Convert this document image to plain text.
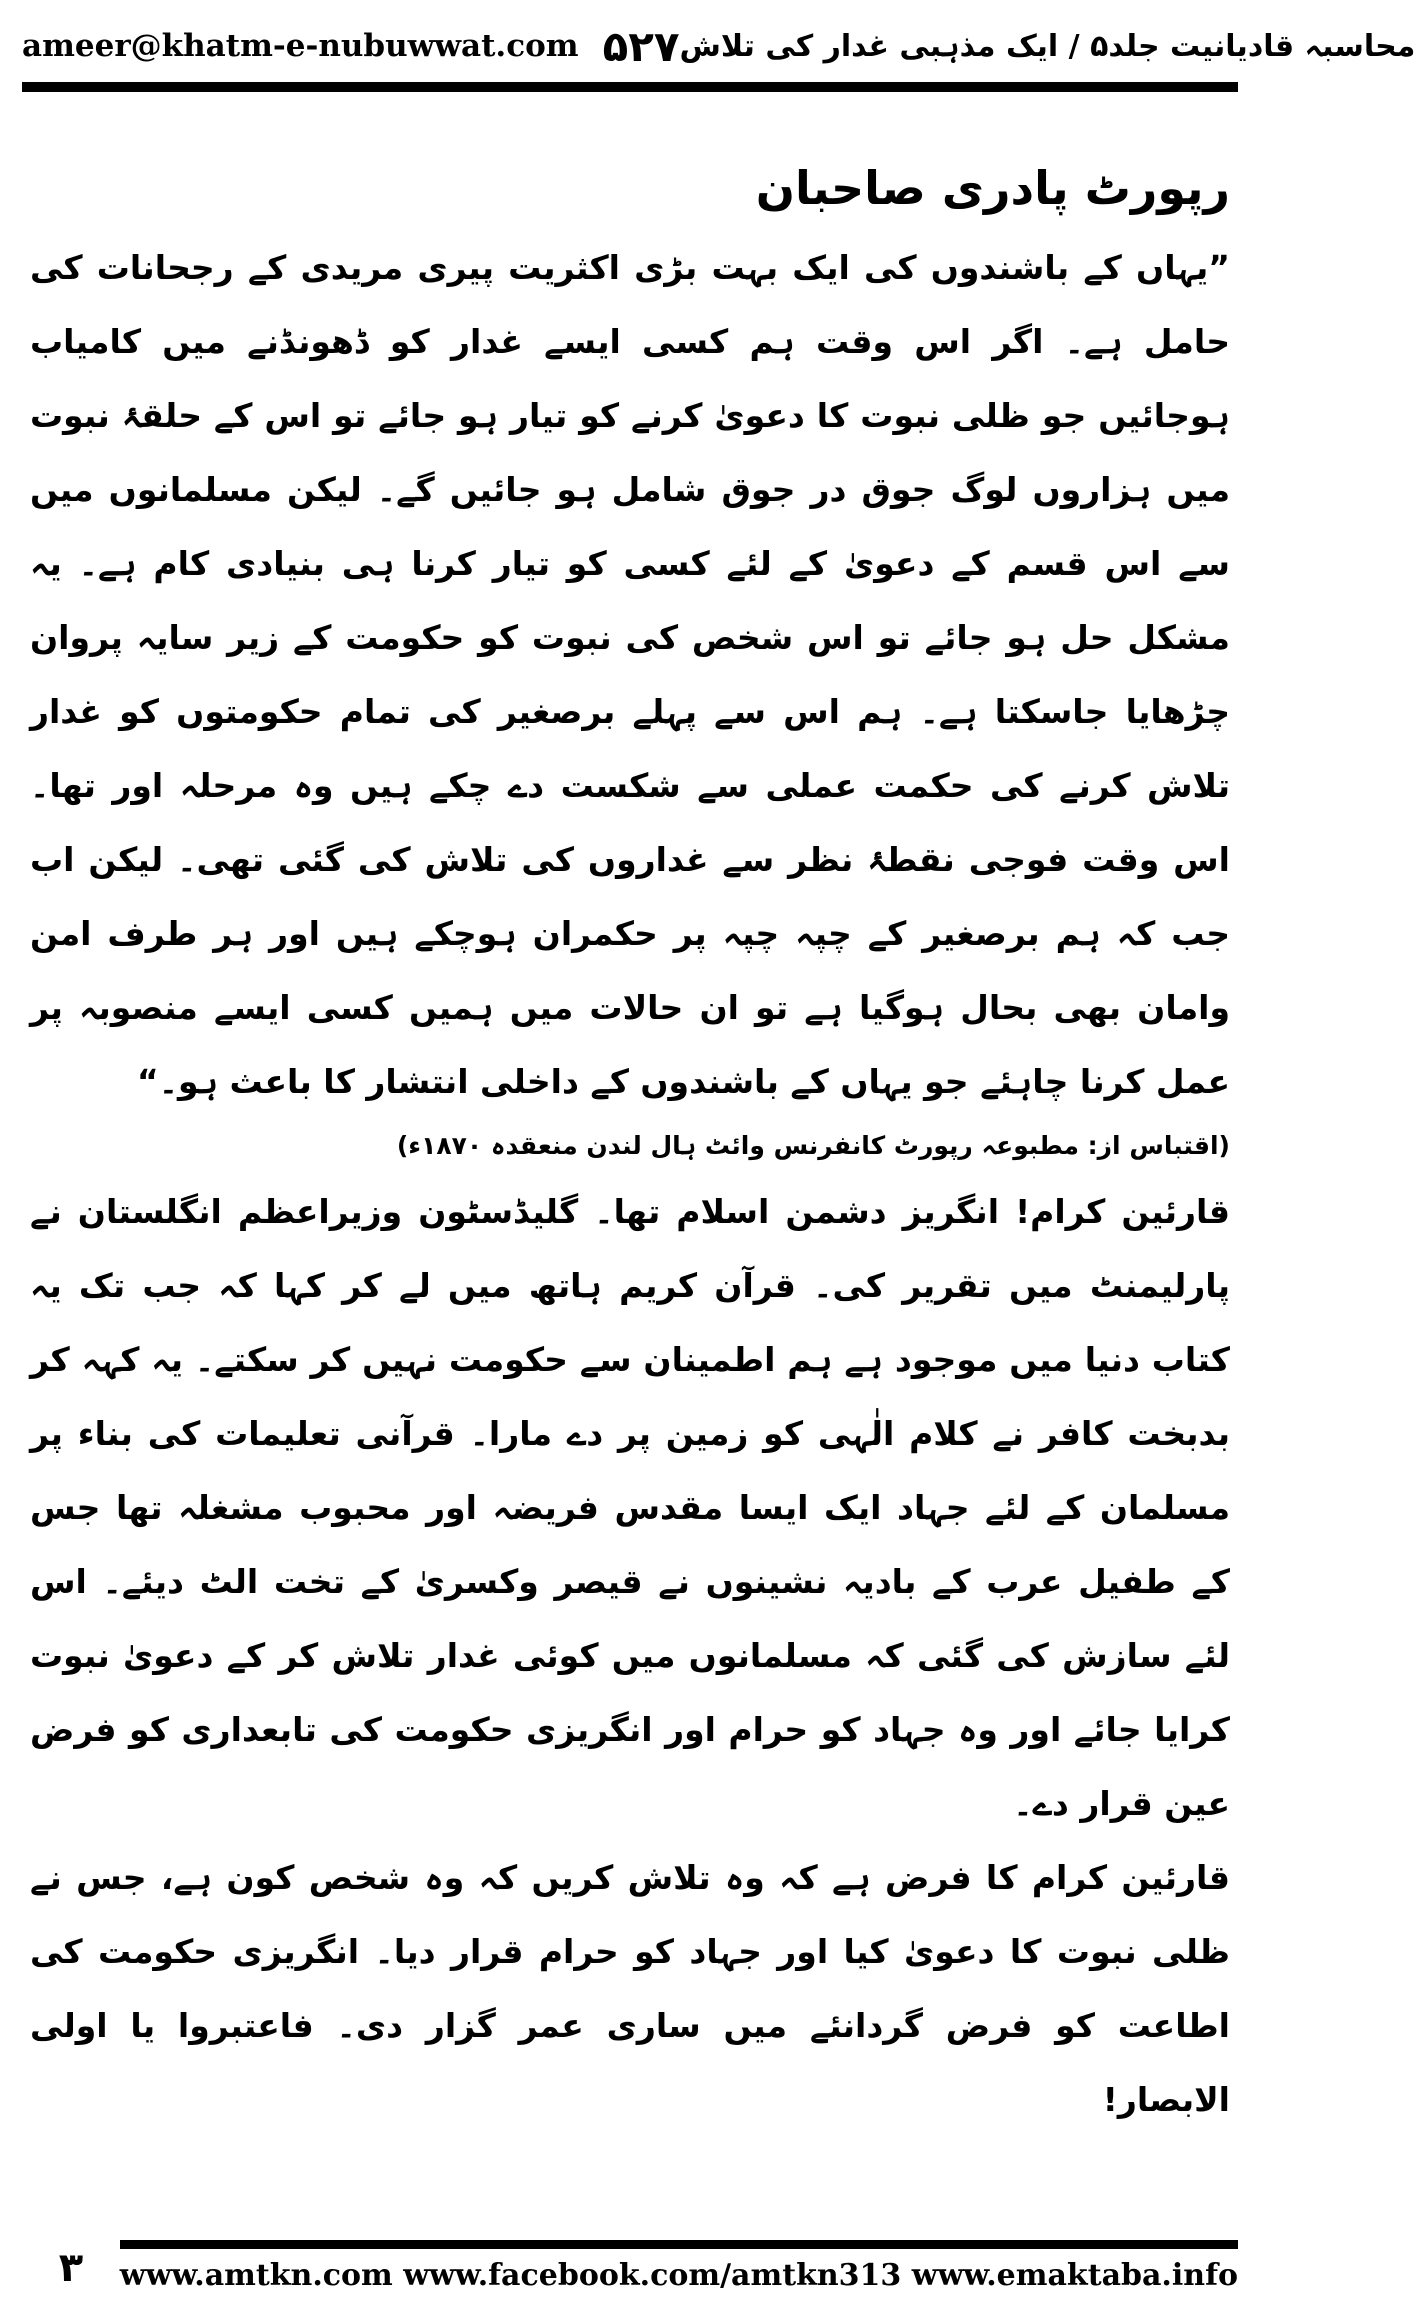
ameer@khatm-e-nubuwwat.com ۵۲۷ محاسبہ قادیانیت جلد۵ / ایک مذہبی غدار کی تلاش
رپورٹ پادری صاحبان

”یہاں کے باشندوں کی ایک بہت بڑی اکثریت پیری مریدی کے رجحانات کی حامل ہے۔ اگر اس وقت ہم کسی ایسے غدار کو ڈھونڈنے میں کامیاب ہوجائیں جو ظلی نبوت کا دعویٰ کرنے کو تیار ہو جائے تو اس کے حلقۂ نبوت میں ہزاروں لوگ جوق در جوق شامل ہو جائیں گے۔ لیکن مسلمانوں میں سے اس قسم کے دعویٰ کے لئے کسی کو تیار کرنا ہی بنیادی کام ہے۔ یہ مشکل حل ہو جائے تو اس شخص کی نبوت کو حکومت کے زیر سایہ پروان چڑھایا جاسکتا ہے۔ ہم اس سے پہلے برصغیر کی تمام حکومتوں کو غدار تلاش کرنے کی حکمت عملی سے شکست دے چکے ہیں وہ مرحلہ اور تھا۔ اس وقت فوجی نقطۂ نظر سے غداروں کی تلاش کی گئی تھی۔ لیکن اب جب کہ ہم برصغیر کے چپہ چپہ پر حکمران ہوچکے ہیں اور ہر طرف امن وامان بھی بحال ہوگیا ہے تو ان حالات میں ہمیں کسی ایسے منصوبہ پر عمل کرنا چاہئے جو یہاں کے باشندوں کے داخلی انتشار کا باعث ہو۔“

(اقتباس از: مطبوعہ رپورٹ کانفرنس وائٹ ہال لندن منعقدہ ۱۸۷۰ء)

قارئین کرام! انگریز دشمن اسلام تھا۔ گلیڈسٹون وزیراعظم انگلستان نے پارلیمنٹ میں تقریر کی۔ قرآن کریم ہاتھ میں لے کر کہا کہ جب تک یہ کتاب دنیا میں موجود ہے ہم اطمینان سے حکومت نہیں کر سکتے۔ یہ کہہ کر بدبخت کافر نے کلام الٰہی کو زمین پر دے مارا۔ قرآنی تعلیمات کی بناء پر مسلمان کے لئے جہاد ایک ایسا مقدس فریضہ اور محبوب مشغلہ تھا جس کے طفیل عرب کے بادیہ نشینوں نے قیصر وکسریٰ کے تخت الٹ دیئے۔ اس لئے سازش کی گئی کہ مسلمانوں میں کوئی غدار تلاش کر کے دعویٰ نبوت کرایا جائے اور وہ جہاد کو حرام اور انگریزی حکومت کی تابعداری کو فرض عین قرار دے۔

قارئین کرام کا فرض ہے کہ وہ تلاش کریں کہ وہ شخص کون ہے، جس نے ظلی نبوت کا دعویٰ کیا اور جہاد کو حرام قرار دیا۔ انگریزی حکومت کی اطاعت کو فرض گردانئے میں ساری عمر گزار دی۔ فاعتبروا یا اولی الابصار!

۳	www.amtkn.com www.facebook.com/amtkn313 www.emaktaba.info
